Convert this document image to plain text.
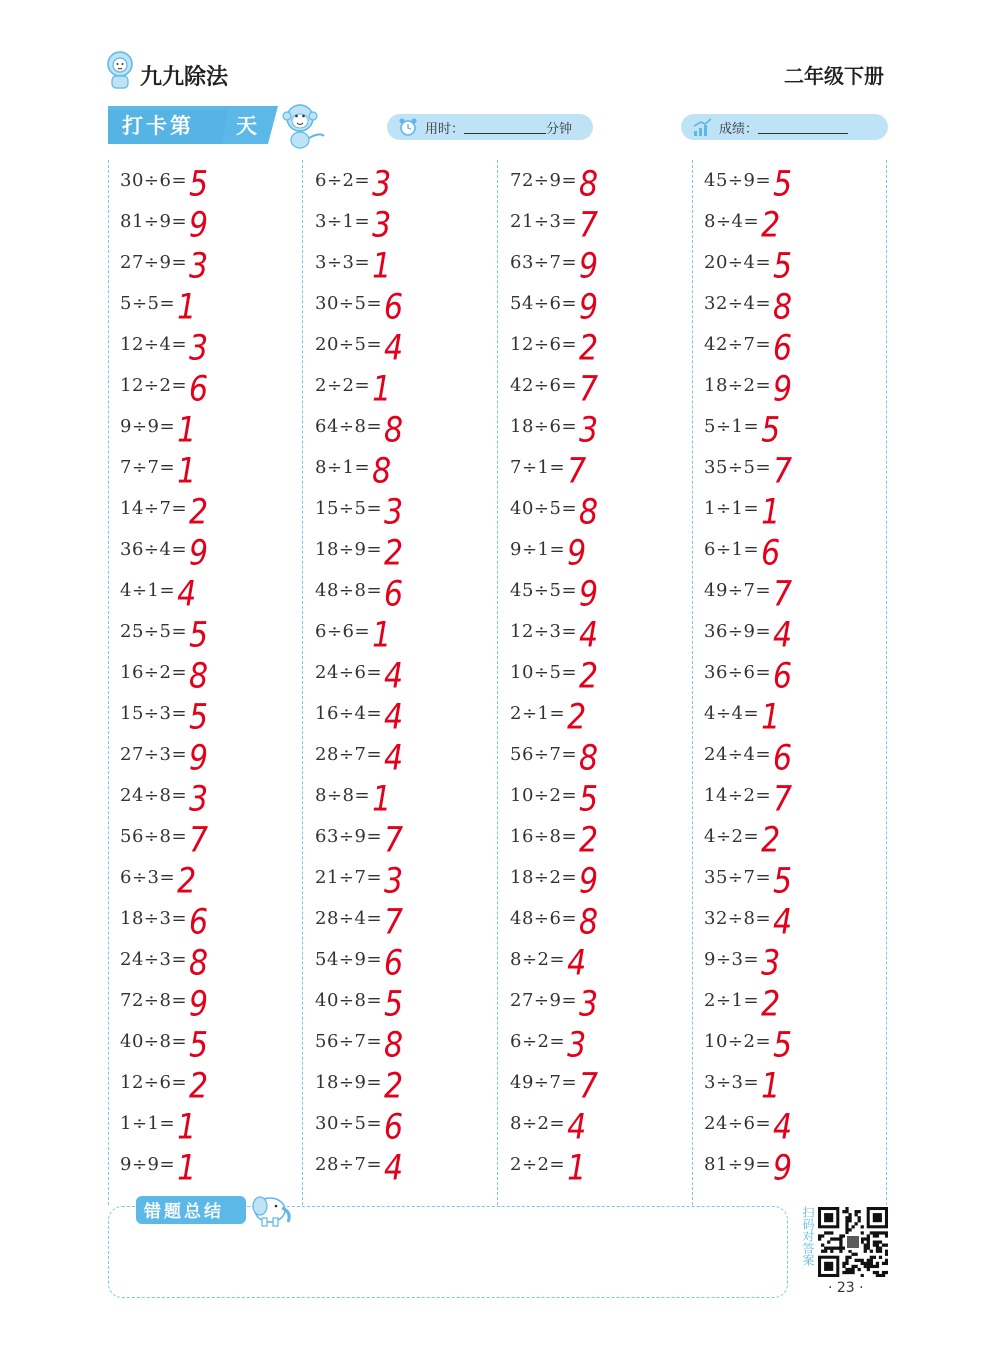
九九除法	二年级下册
打卡第 天	用时：	分钟	成绩：
30÷6= 5
81÷9= 9
27÷9= 3
5÷5= 1
12÷4= 3
12÷2= 6
9÷9= 1
7÷7= 1
14÷7= 2
36÷4= 9
4÷1= 4
25÷5= 5
16÷2= 8
15÷3= 5
27÷3= 9
24÷8= 3
56÷8= 7
6÷3= 2
18÷3= 6
24÷3= 8
72÷8= 9
40÷8= 5
12÷6= 2
1÷1= 1
9÷9= 1
6÷2= 3
3÷1= 3
3÷3= 1
30÷5= 6
20÷5= 4
2÷2= 1
64÷8= 8
8÷1= 8
15÷5= 3
18÷9= 2
48÷8= 6
6÷6= 1
24÷6= 4
16÷4= 4
28÷7= 4
8÷8= 1
63÷9= 7
21÷7= 3
28÷4= 7
54÷9= 6
40÷8= 5
56÷7= 8
18÷9= 2
30÷5= 6
28÷7= 4
72÷9= 8
21÷3= 7
63÷7= 9
54÷6= 9
12÷6= 2
42÷6= 7
18÷6= 3
7÷1= 7
40÷5= 8
9÷1= 9
45÷5= 9
12÷3= 4
10÷5= 2
2÷1= 2
56÷7= 8
10÷2= 5
16÷8= 2
18÷2= 9
48÷6= 8
8÷2= 4
27÷9= 3
6÷2= 3
49÷7= 7
8÷2= 4
2÷2= 1
45÷9= 5
8÷4= 2
20÷4= 5
32÷4= 8
42÷7= 6
18÷2= 9
5÷1= 5
35÷5= 7
1÷1= 1
6÷1= 6
49÷7= 7
36÷9= 4
36÷6= 6
4÷4= 1
24÷4= 6
14÷2= 7
4÷2= 2
35÷7= 5
32÷8= 4
9÷3= 3
2÷1= 2
10÷2= 5
3÷3= 1
24÷6= 4
81÷9= 9
错题总结	扫码对答案
· 23 ·
